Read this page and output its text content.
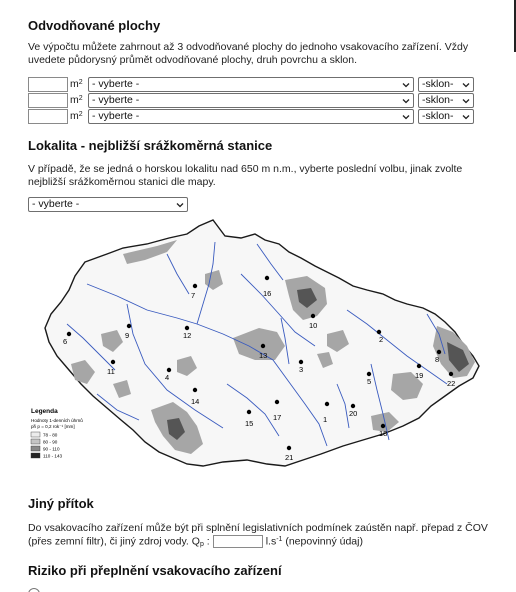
Odvodňované plochy

Ve výpočtu můžete zahrnout až 3 odvodňované plochy do jednoho vsakovacího zařízení. Vždy uvedete půdorysný průmět odvodňované plochy, druh povrchu a sklon.

$m^2$ - vyberte -	-sklon-
$m^2$ - vyberte -	-sklon-
$m^2$ - vyberte -	-sklon-
Lokalita - nejbližší srážkoměrná stanice

V případě, že se jedná o horskou lokalitu nad 650 m n.m., vyberte poslední volbu, jinak zvolte nejbližší srážkoměrnou stanici dle mapy.

- vyberte -
1
2
3
4	5
6
7
8
9
10
11
12
13
14
15
16
17
18
19
20
21
22
Legenda
Hodnoty 1-denních úhrnů
při p = 0,2 rok⁻¹ [mm]
78 - 80
80 - 90
90 - 110
110 - 143
Jiný přítok

Do vsakovacího zařízení může být při splnění legislativních podmínek zaústěn např. přepad z ČOV
(přes zemní filtr), či jiný zdroj vody. Qp :	$l.s^{-1}$ (nepovinný údaj)

Riziko při přeplnění vsakovacího zařízení
